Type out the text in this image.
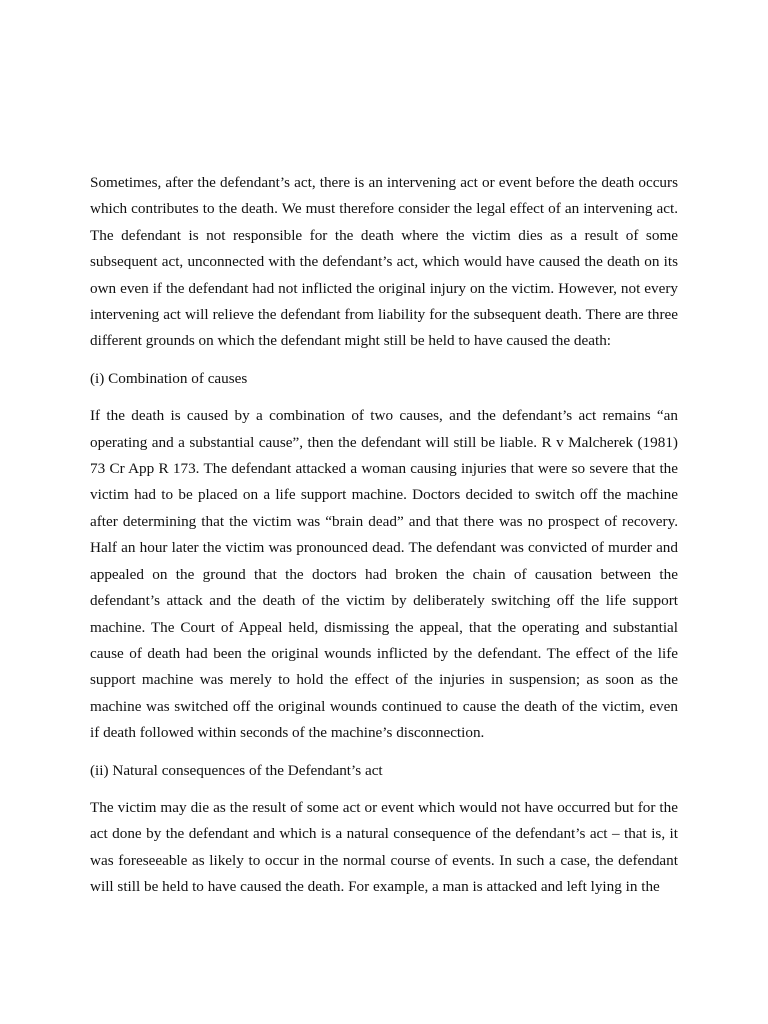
Sometimes, after the defendant’s act, there is an intervening act or event before the death occurs which contributes to the death. We must therefore consider the legal effect of an intervening act. The defendant is not responsible for the death where the victim dies as a result of some subsequent act, unconnected with the defendant’s act, which would have caused the death on its own even if the defendant had not inflicted the original injury on the victim. However, not every intervening act will relieve the defendant from liability for the subsequent death. There are three different grounds on which the defendant might still be held to have caused the death:

(i) Combination of causes

If the death is caused by a combination of two causes, and the defendant’s act remains “an operating and a substantial cause”, then the defendant will still be liable. R v Malcherek (1981) 73 Cr App R 173. The defendant attacked a woman causing injuries that were so severe that the victim had to be placed on a life support machine. Doctors decided to switch off the machine after determining that the victim was “brain dead” and that there was no prospect of recovery. Half an hour later the victim was pronounced dead. The defendant was convicted of murder and appealed on the ground that the doctors had broken the chain of causation between the defendant’s attack and the death of the victim by deliberately switching off the life support machine. The Court of Appeal held, dismissing the appeal, that the operating and substantial cause of death had been the original wounds inflicted by the defendant. The effect of the life support machine was merely to hold the effect of the injuries in suspension; as soon as the machine was switched off the original wounds continued to cause the death of the victim, even if death followed within seconds of the machine’s disconnection.

(ii) Natural consequences of the Defendant’s act

The victim may die as the result of some act or event which would not have occurred but for the act done by the defendant and which is a natural consequence of the defendant’s act – that is, it was foreseeable as likely to occur in the normal course of events. In such a case, the defendant will still be held to have caused the death. For example, a man is attacked and left lying in the
